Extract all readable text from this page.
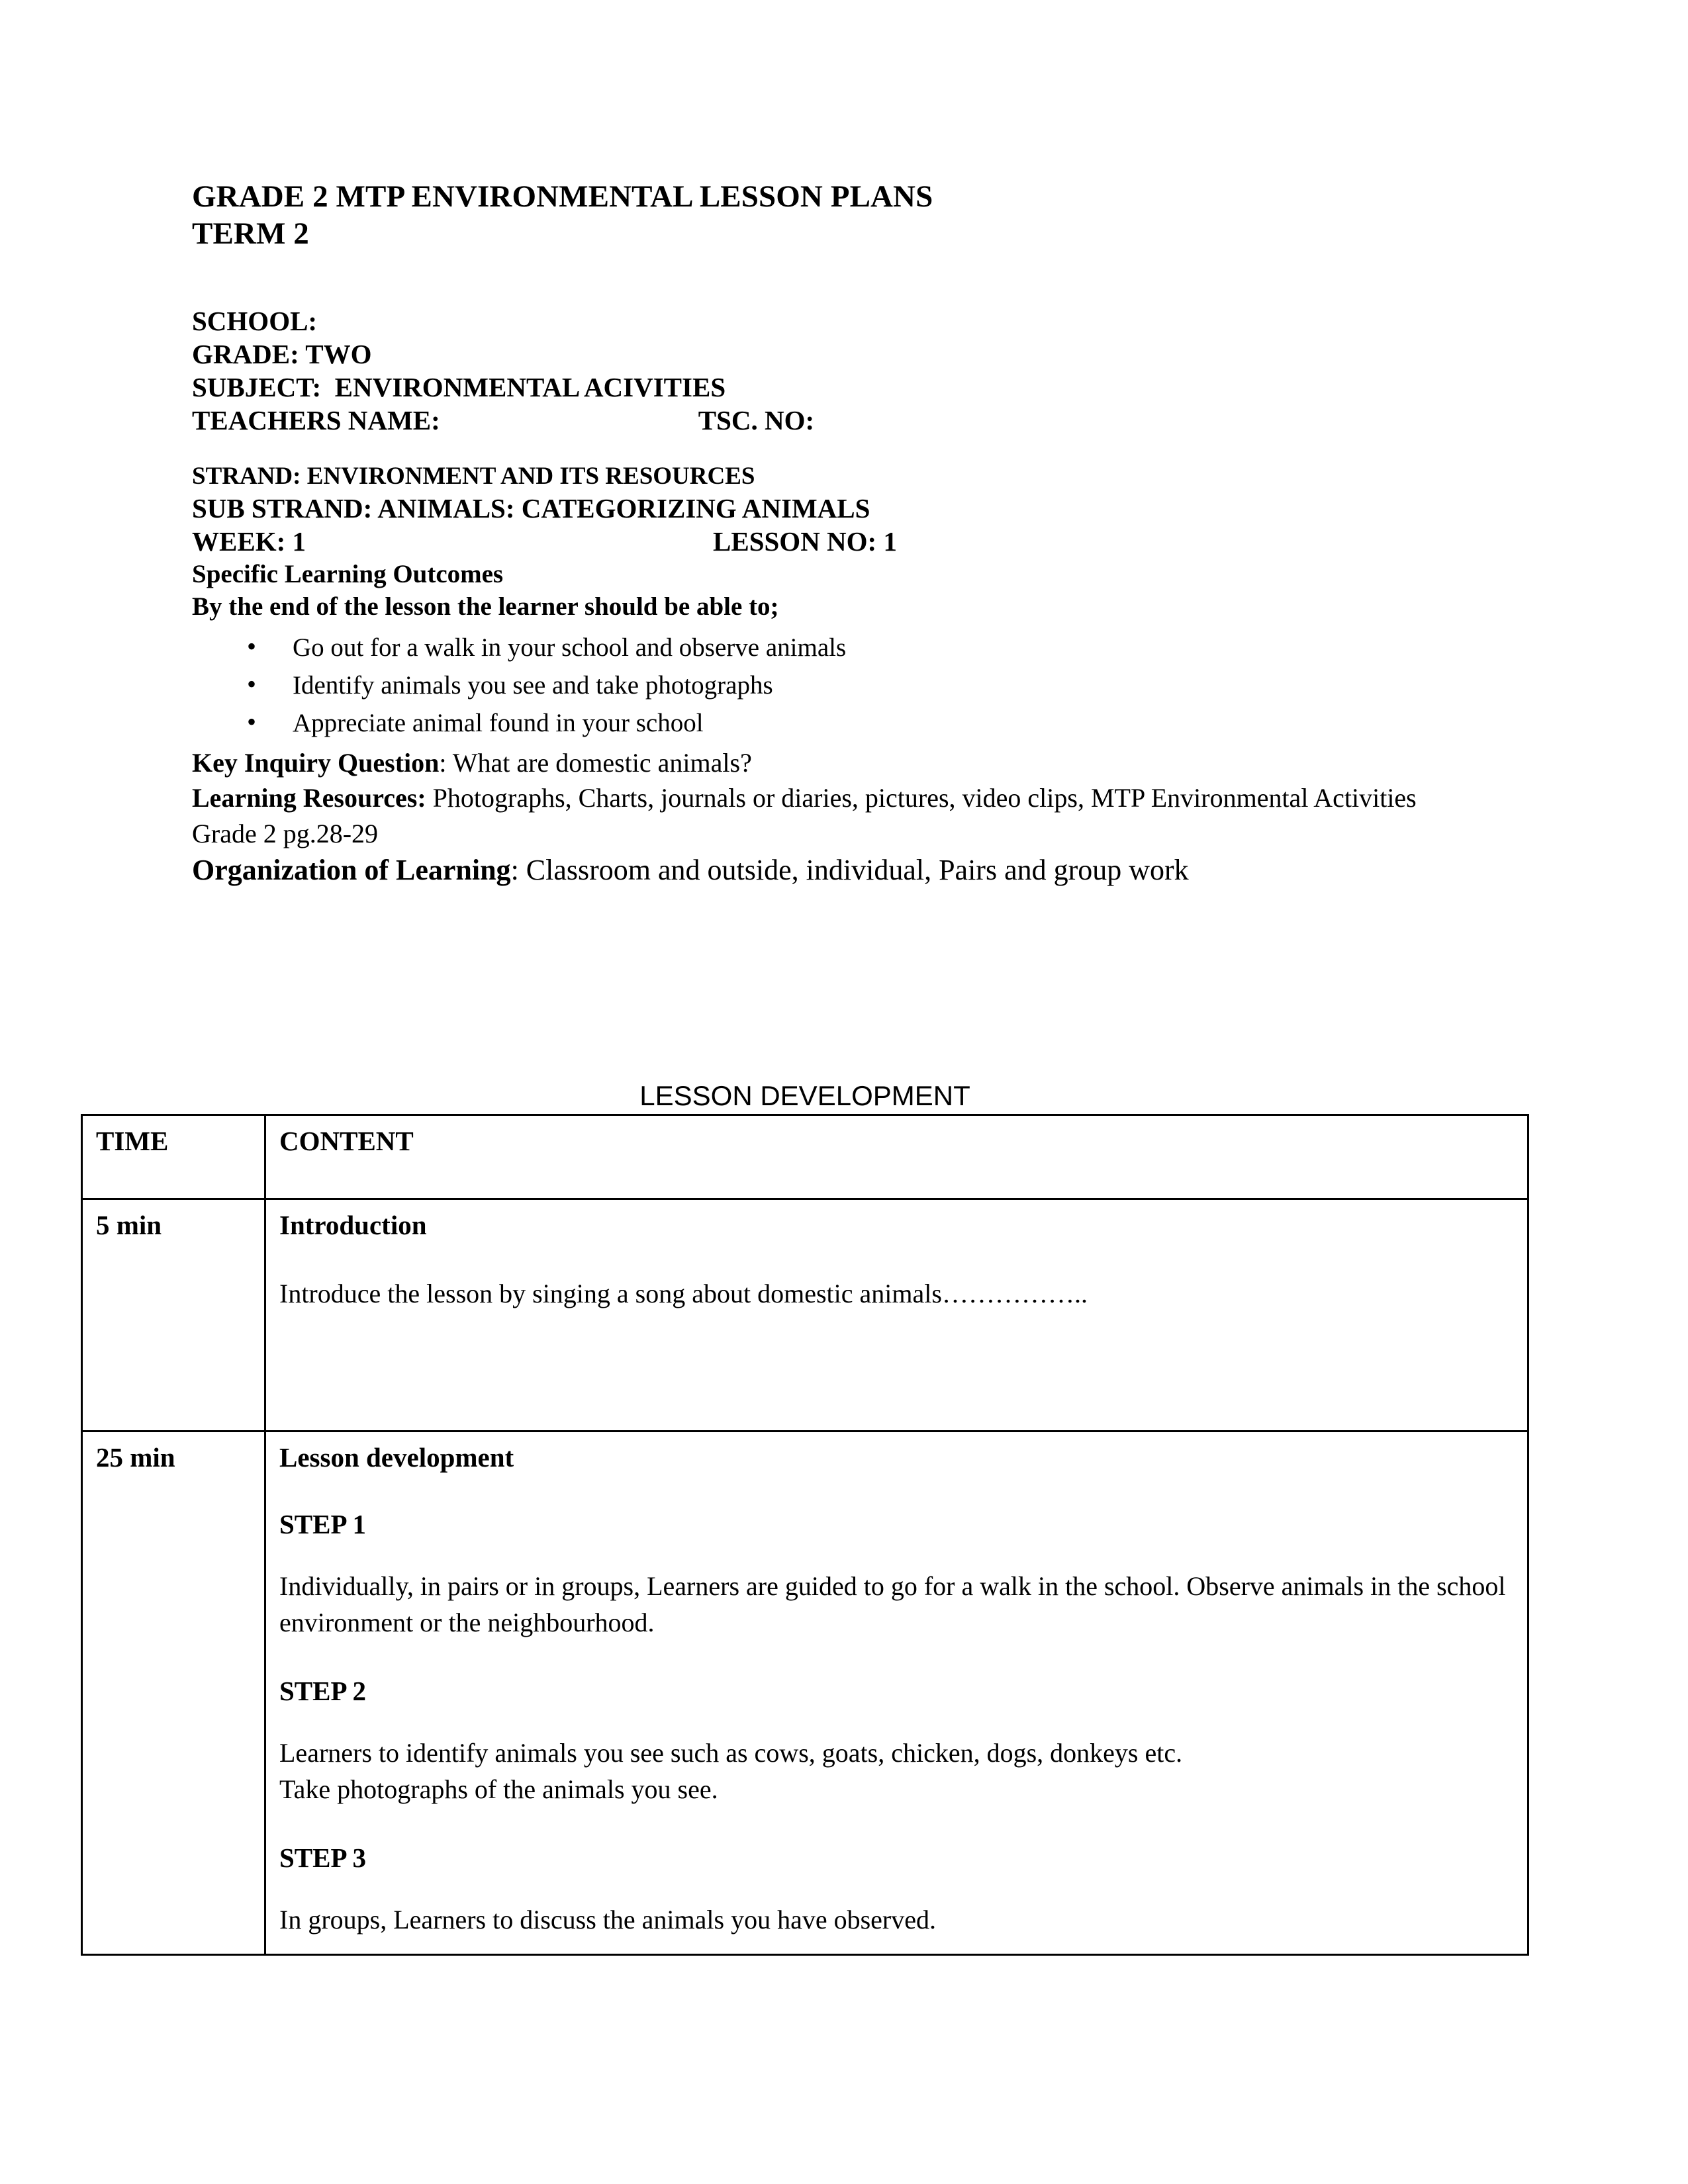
GRADE 2 MTP ENVIRONMENTAL LESSON PLANS
TERM 2

SCHOOL:

GRADE: TWO

SUBJECT:  ENVIRONMENTAL ACIVITIES

TEACHERS NAME:	TSC. NO:

STRAND: ENVIRONMENT AND ITS RESOURCES

SUB STRAND: ANIMALS: CATEGORIZING ANIMALS

WEEK: 1	LESSON NO: 1

Specific Learning Outcomes

By the end of the lesson the learner should be able to;

• Go out for a walk in your school and observe animals
• Identify animals you see and take photographs
• Appreciate animal found in your school

Key Inquiry Question: What are domestic animals?

Learning Resources: Photographs, Charts, journals or diaries, pictures, video clips, MTP Environmental Activities Grade 2 pg.28-29

Organization of Learning: Classroom and outside, individual, Pairs and group work

LESSON DEVELOPMENT
TIME	CONTENT

5 min	Introduction

Introduce the lesson by singing a song about domestic animals……………..

25 min	Lesson development

STEP 1

Individually, in pairs or in groups, Learners are guided to go for a walk in the school. Observe animals in the school environment or the neighbourhood.

STEP 2

Learners to identify animals you see such as cows, goats, chicken, dogs, donkeys etc.

Take photographs of the animals you see.

STEP 3

In groups, Learners to discuss the animals you have observed.
